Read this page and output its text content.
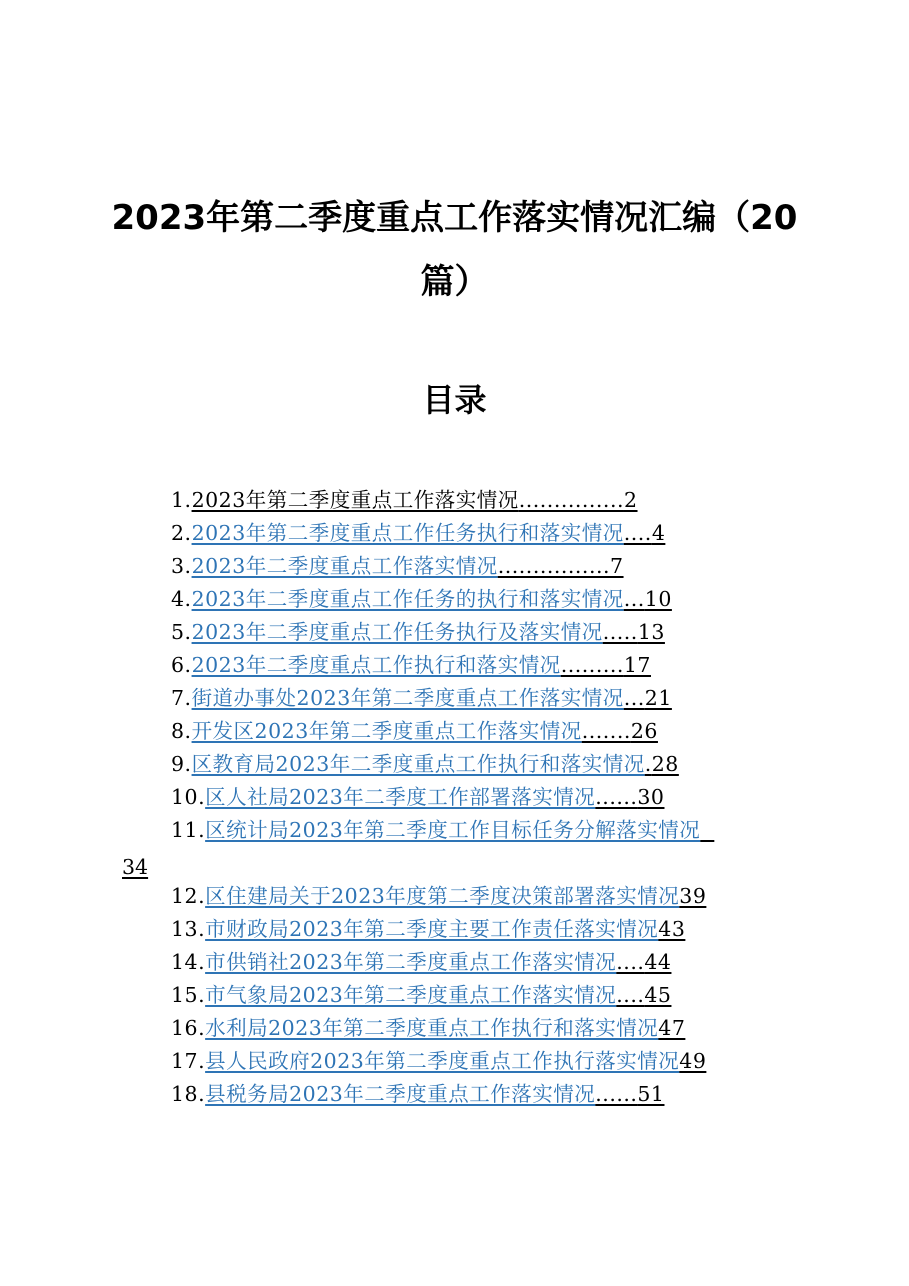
2023年第二季度重点工作落实情况汇编（20
篇）
目录
1.2023年第二季度重点工作落实情况...............2
2.2023年第二季度重点工作任务执行和落实情况....4
3.2023年二季度重点工作落实情况................7
4.2023年二季度重点工作任务的执行和落实情况...10
5.2023年二季度重点工作任务执行及落实情况.....13
6.2023年二季度重点工作执行和落实情况.........17
7.街道办事处2023年第二季度重点工作落实情况...21
8.开发区2023年第二季度重点工作落实情况.......26
9.区教育局2023年二季度重点工作执行和落实情况.28
10.区人社局2023年二季度工作部署落实情况......30
11.区统计局2023年第二季度工作目标任务分解落实情况
34
12.区住建局关于2023年度第二季度决策部署落实情况39
13.市财政局2023年第二季度主要工作责任落实情况43
14.市供销社2023年第二季度重点工作落实情况....44
15.市气象局2023年第二季度重点工作落实情况....45
16.水利局2023年第二季度重点工作执行和落实情况47
17.县人民政府2023年第二季度重点工作执行落实情况49
18.县税务局2023年二季度重点工作落实情况......51
